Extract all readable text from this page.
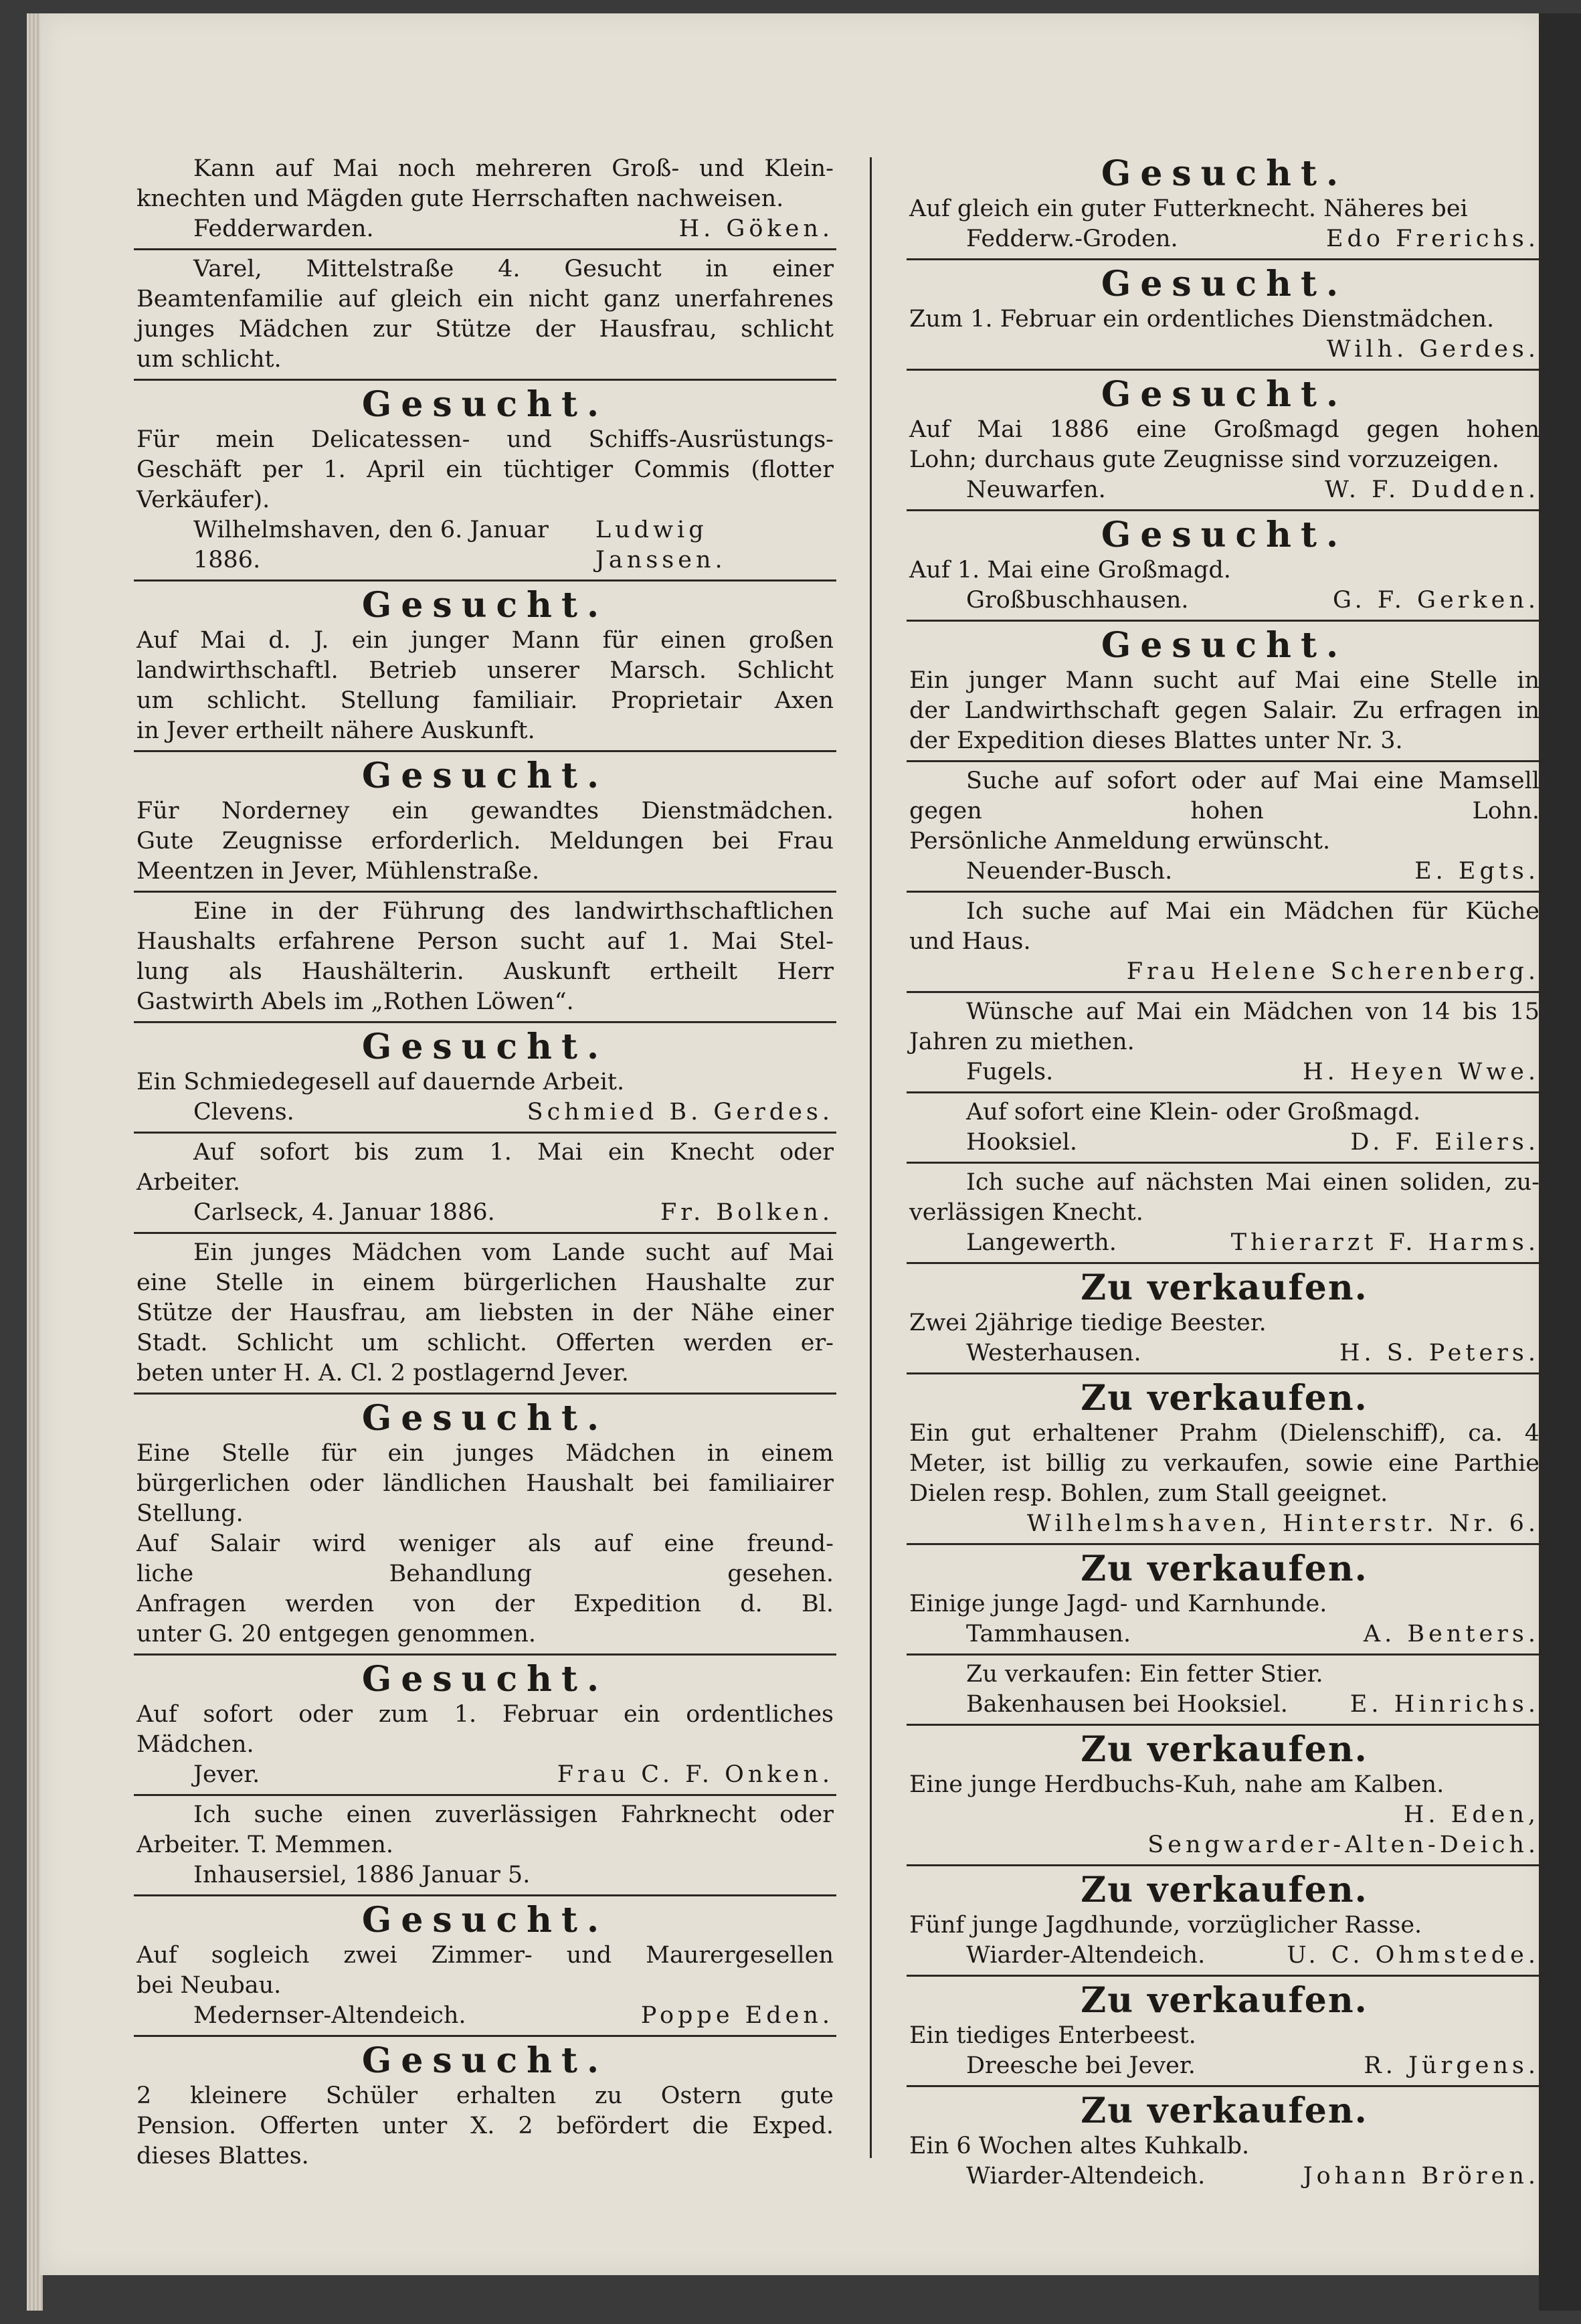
Kann auf Mai noch mehreren Groß- und Klein-
knechten und Mägden gute Herrschaften nachweisen.
Fedderwarden.	H. Göken.
Varel, Mittelstraße 4. Gesucht in einer
Beamtenfamilie auf gleich ein nicht ganz unerfahrenes
junges Mädchen zur Stütze der Hausfrau, schlicht
um schlicht.
Gesucht.
Für mein Delicatessen- und Schiffs-Ausrüstungs-
Geschäft per 1. April ein tüchtiger Commis (flotter
Verkäufer).
Wilhelmshaven, den 6. Januar 1886.
Ludwig Janssen.
Gesucht.
Auf Mai d. J. ein junger Mann für einen großen
landwirthschaftl. Betrieb unserer Marsch. Schlicht
um schlicht. Stellung familiair. Proprietair Axen
in Jever ertheilt nähere Auskunft.
Gesucht.
Für Norderney ein gewandtes Dienstmädchen.
Gute Zeugnisse erforderlich. Meldungen bei Frau
Meentzen in Jever, Mühlenstraße.
Eine in der Führung des landwirthschaftlichen
Haushalts erfahrene Person sucht auf 1. Mai Stel-
lung als Haushälterin. Auskunft ertheilt Herr
Gastwirth Abels im „Rothen Löwen“.
Gesucht.
Ein Schmiedegesell auf dauernde Arbeit.
Clevens.	Schmied B. Gerdes.
Auf sofort bis zum 1. Mai ein Knecht oder
Arbeiter.
Carlseck, 4. Januar 1886.	Fr. Bolken.
Ein junges Mädchen vom Lande sucht auf Mai
eine Stelle in einem bürgerlichen Haushalte zur
Stütze der Hausfrau, am liebsten in der Nähe einer
Stadt. Schlicht um schlicht. Offerten werden er-
beten unter H. A. Cl. 2 postlagernd Jever.
Gesucht.
Eine Stelle für ein junges Mädchen in einem
bürgerlichen oder ländlichen Haushalt bei familiairer
Stellung.
Auf Salair wird weniger als auf eine freund-
liche Behandlung gesehen.
Anfragen werden von der Expedition d. Bl.
unter G. 20 entgegen genommen.
Gesucht.
Auf sofort oder zum 1. Februar ein ordentliches
Mädchen.
Jever.	Frau C. F. Onken.
Ich suche einen zuverlässigen Fahrknecht oder
Arbeiter. T. Memmen.
Inhausersiel, 1886 Januar 5.
Gesucht.
Auf sogleich zwei Zimmer- und Maurergesellen
bei Neubau.
Medernser-Altendeich.	Poppe Eden.
Gesucht.
2 kleinere Schüler erhalten zu Ostern gute
Pension. Offerten unter X. 2 befördert die Exped.
dieses Blattes.
Gesucht.
Auf gleich ein guter Futterknecht. Näheres bei
Fedderw.-Groden.	Edo Frerichs.
Gesucht.
Zum 1. Februar ein ordentliches Dienstmädchen.
Wilh. Gerdes.
Gesucht.
Auf Mai 1886 eine Großmagd gegen hohen
Lohn; durchaus gute Zeugnisse sind vorzuzeigen.
Neuwarfen.	W. F. Dudden.
Gesucht.
Auf 1. Mai eine Großmagd.
Großbuschhausen.	G. F. Gerken.
Gesucht.
Ein junger Mann sucht auf Mai eine Stelle in
der Landwirthschaft gegen Salair. Zu erfragen in
der Expedition dieses Blattes unter Nr. 3.
Suche auf sofort oder auf Mai eine Mamsell
gegen hohen Lohn.
Persönliche Anmeldung erwünscht.
Neuender-Busch.	E. Egts.
Ich suche auf Mai ein Mädchen für Küche
und Haus.
Frau Helene Scherenberg.
Wünsche auf Mai ein Mädchen von 14 bis 15
Jahren zu miethen.
Fugels.	H. Heyen Wwe.
Auf sofort eine Klein- oder Großmagd.
Hooksiel.	D. F. Eilers.
Ich suche auf nächsten Mai einen soliden, zu-
verlässigen Knecht.
Langewerth.	Thierarzt F. Harms.
Zu verkaufen.
Zwei 2jährige tiedige Beester.
Westerhausen.	H. S. Peters.
Zu verkaufen.
Ein gut erhaltener Prahm (Dielenschiff), ca. 4
Meter, ist billig zu verkaufen, sowie eine Parthie
Dielen resp. Bohlen, zum Stall geeignet.
Wilhelmshaven, Hinterstr. Nr. 6.
Zu verkaufen.
Einige junge Jagd- und Karnhunde.
Tammhausen.	A. Benters.
Zu verkaufen: Ein fetter Stier.
Bakenhausen bei Hooksiel.	E. Hinrichs.
Zu verkaufen.
Eine junge Herdbuchs-Kuh, nahe am Kalben.
H. Eden,
Sengwarder-Alten-Deich.
Zu verkaufen.
Fünf junge Jagdhunde, vorzüglicher Rasse.
Wiarder-Altendeich.	U. C. Ohmstede.
Zu verkaufen.
Ein tiediges Enterbeest.
Dreesche bei Jever.	R. Jürgens.
Zu verkaufen.
Ein 6 Wochen altes Kuhkalb.
Wiarder-Altendeich.	Johann Brören.
